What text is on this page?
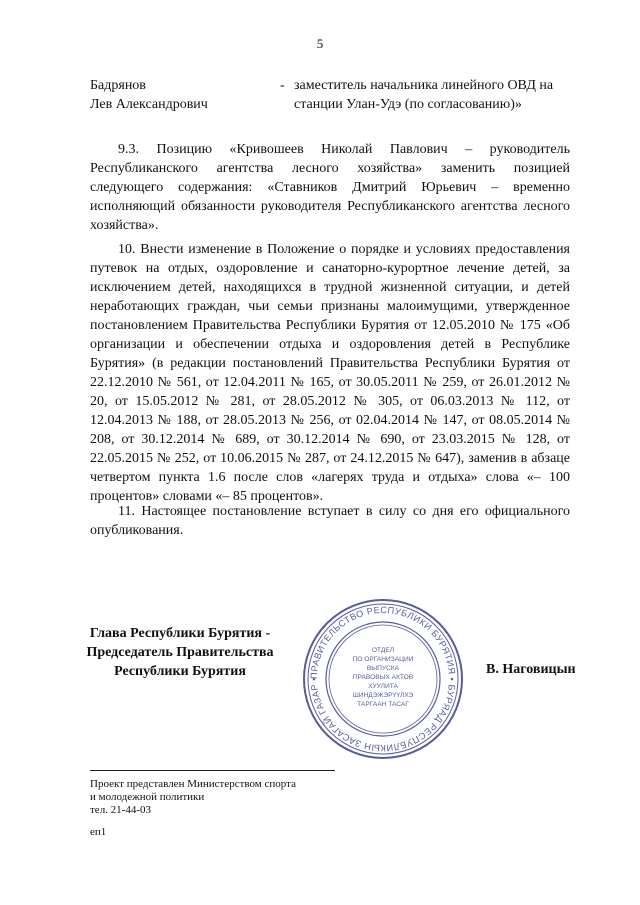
5
Бадрянов
Лев Александрович
- заместитель начальника линейного ОВД на
станции Улан-Удэ (по согласованию)»

9.3. Позицию «Кривошеев Николай Павлович – руководитель Республиканского агентства лесного хозяйства» заменить позицией следующего содержания: «Ставников Дмитрий Юрьевич – временно исполняющий обязанности руководителя Республиканского агентства лесного хозяйства».

10. Внести изменение в Положение о порядке и условиях предоставления путевок на отдых, оздоровление и санаторно-курортное лечение детей, за исключением детей, находящихся в трудной жизненной ситуации, и детей неработающих граждан, чьи семьи признаны малоимущими, утвержденное постановлением Правительства Республики Бурятия от 12.05.2010 № 175 «Об организации и обеспечении отдыха и оздоровления детей в Республике Бурятия» (в редакции постановлений Правительства Республики Бурятия от 22.12.2010 № 561, от 12.04.2011 № 165, от 30.05.2011 № 259, от 26.01.2012 № 20, от 15.05.2012 № 281, от 28.05.2012 № 305, от 06.03.2013 № 112, от 12.04.2013 № 188, от 28.05.2013 № 256, от 02.04.2014 № 147, от 08.05.2014 № 208, от 30.12.2014 № 689, от 30.12.2014 № 690, от 23.03.2015 № 128, от 22.05.2015 № 252, от 10.06.2015 № 287, от 24.12.2015 № 647), заменив в абзаце четвертом пункта 1.6 после слов «лагерях труда и отдыха» слова «– 100 процентов» словами «– 85 процентов».

11. Настоящее постановление вступает в силу со дня его официального опубликования.

Глава Республики Бурятия -
Председатель Правительства
Республики Бурятия	ПРАВИТЕЛЬСТВО РЕСПУБЛИКИ БУРЯТИЯ • БУРЯАД РЕСПУБЛИКЫН ЗАСАГАЙ ГАЗАР •
ОТДЕЛ
ПО ОРГАНИЗАЦИИ
ВЫПУСКА
ПРАВОВЫХ АКТОВ
ХУУЛИТА
ШИНДЭЖЭРҮҮЛХЭ
ТАРГААН ТАСАГ
В. Наговицын
Проект представлен Министерством спорта
и молодежной политики
тел. 21-44-03
еп1
